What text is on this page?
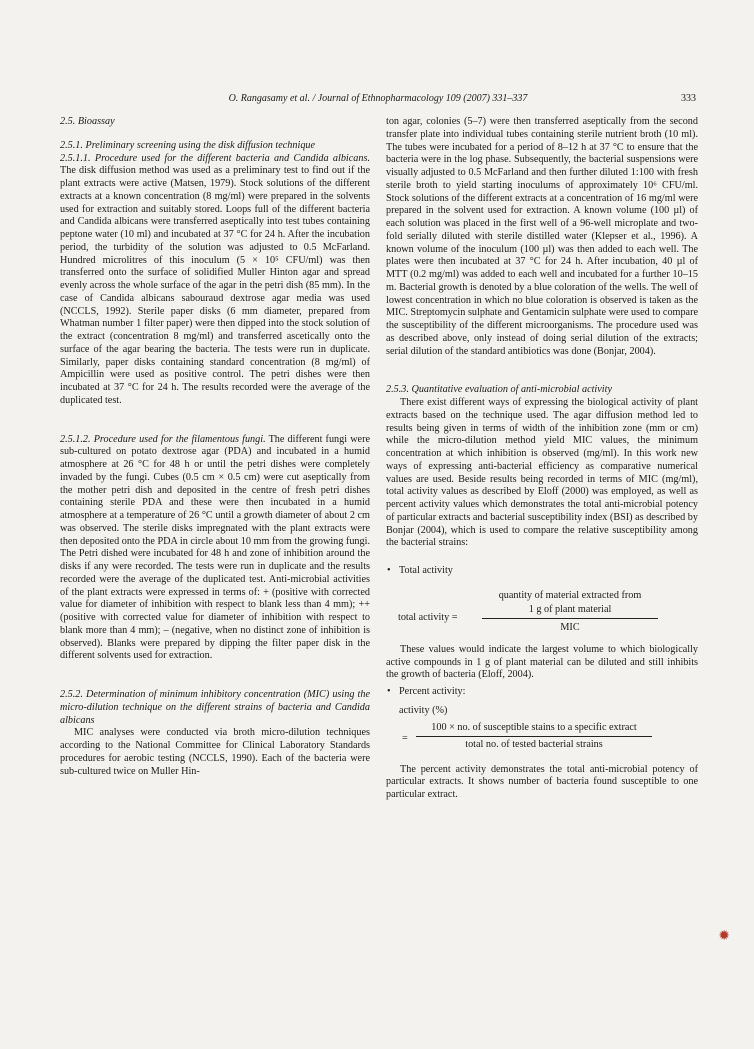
O. Rangasamy et al. / Journal of Ethnopharmacology 109 (2007) 331–337	333

2.5. Bioassay

2.5.1. Preliminary screening using the disk diffusion technique

2.5.1.1. Procedure used for the different bacteria and Candida albicans. The disk diffusion method was used as a preliminary test to find out if the plant extracts were active (Matsen, 1979). Stock solutions of the different extracts at a known concentration (8 mg/ml) were prepared in the solvents used for extraction and suitably stored. Loops full of the different bacteria and Candida albicans were transferred aseptically into test tubes containing peptone water (10 ml) and incubated at 37 °C for 24 h. After the incubation period, the turbidity of the solution was adjusted to 0.5 McFarland. Hundred microlitres of this inoculum (5 × 10⁵ CFU/ml) was then transferred onto the surface of solidified Muller Hinton agar and spread evenly across the whole surface of the agar in the petri dish (85 mm). In the case of Candida albicans sabouraud dextrose agar media was used (NCCLS, 1992). Sterile paper disks (6 mm diameter, prepared from Whatman number 1 filter paper) were then dipped into the stock solution of the extract (concentration 8 mg/ml) and transferred ascetically onto the surface of the agar bearing the bacteria. The tests were run in duplicate. Similarly, paper disks containing standard concentration (8 mg/ml) of Ampicillin were used as positive control. The petri dishes were then incubated at 37 °C for 24 h. The results recorded were the average of the duplicated test.

2.5.1.2. Procedure used for the filamentous fungi. The different fungi were sub-cultured on potato dextrose agar (PDA) and incubated in a humid atmosphere at 26 °C for 48 h or until the petri dishes were completely invaded by the fungi. Cubes (0.5 cm × 0.5 cm) were cut aseptically from the mother petri dish and deposited in the centre of fresh petri dishes containing sterile PDA and these were then incubated in a humid atmosphere at a temperature of 26 °C until a growth diameter of about 2 cm was observed. The sterile disks impregnated with the plant extracts were then deposited onto the PDA in circle about 10 mm from the growing fungi. The Petri dished were incubated for 48 h and zone of inhibition around the disks if any were recorded. The tests were run in duplicate and the results recorded were the average of the duplicated test. Anti-microbial activities of the plant extracts were expressed in terms of: + (positive with corrected value for diameter of inhibition with respect to blank less than 4 mm); ++ (positive with corrected value for diameter of inhibition with respect to blank more than 4 mm); – (negative, when no distinct zone of inhibition is observed). Blanks were prepared by dipping the filter paper disk in the different solvents used for extraction.

2.5.2. Determination of minimum inhibitory concentration (MIC) using the micro-dilution technique on the different strains of bacteria and Candida albicans

MIC analyses were conducted via broth micro-dilution techniques according to the National Committee for Clinical Laboratory Standards procedures for aerobic testing (NCCLS, 1990). Each of the bacteria were sub-cultured twice on Muller Hin-

ton agar, colonies (5–7) were then transferred aseptically from the second transfer plate into individual tubes containing sterile nutrient broth (10 ml). The tubes were incubated for a period of 8–12 h at 37 °C to ensure that the bacteria were in the log phase. Subsequently, the bacterial suspensions were visually adjusted to 0.5 McFarland and then further diluted 1:100 with fresh sterile broth to yield starting inoculums of approximately 10⁶ CFU/ml. Stock solutions of the different extracts at a concentration of 16 mg/ml were prepared in the solvent used for extraction. A known volume (100 µl) of each solution was placed in the first well of a 96-well microplate and two-fold serially diluted with sterile distilled water (Klepser et al., 1996). A known volume of the inoculum (100 µl) was then added to each well. The plates were then incubated at 37 °C for 24 h. After incubation, 40 µl of MTT (0.2 mg/ml) was added to each well and incubated for a further 10–15 m. Bacterial growth is denoted by a blue coloration of the wells. The well of lowest concentration in which no blue coloration is observed is taken as the MIC. Streptomycin sulphate and Gentamicin sulphate were used to compare the susceptibility of the different microorganisms. The procedure used was as described above, only instead of doing serial dilution of the extracts; serial dilution of the standard antibiotics was done (Bonjar, 2004).

2.5.3. Quantitative evaluation of anti-microbial activity

There exist different ways of expressing the biological activity of plant extracts based on the technique used. The agar diffusion method led to results being given in terms of width of the inhibition zone (mm or cm) while the micro-dilution method yield MIC values, the minimum concentration at which inhibition is observed (mg/ml). In this work new ways of expressing anti-bacterial efficiency as comparative numerical values are used. Beside results being recorded in terms of MIC (mg/ml), total activity values as described by Eloff (2000) was employed, as well as percent activity values which demonstrates the total anti-microbial potency of particular extracts and bacterial susceptibility index (BSI) as described by Bonjar (2004), which is used to compare the relative susceptibility among the bacterial strains:

• Total activity
total activity =
quantity of material extracted from
1 g of plant material
MIC

These values would indicate the largest volume to which biologically active compounds in 1 g of plant material can be diluted and still inhibits the growth of bacteria (Eloff, 2004).

• Percent activity:

activity (%)

=
100 × no. of susceptible stains to a specific extract
total no. of tested bacterial strains

The percent activity demonstrates the total anti-microbial potency of particular extracts. It shows number of bacteria found susceptible to one particular extract.

✹
